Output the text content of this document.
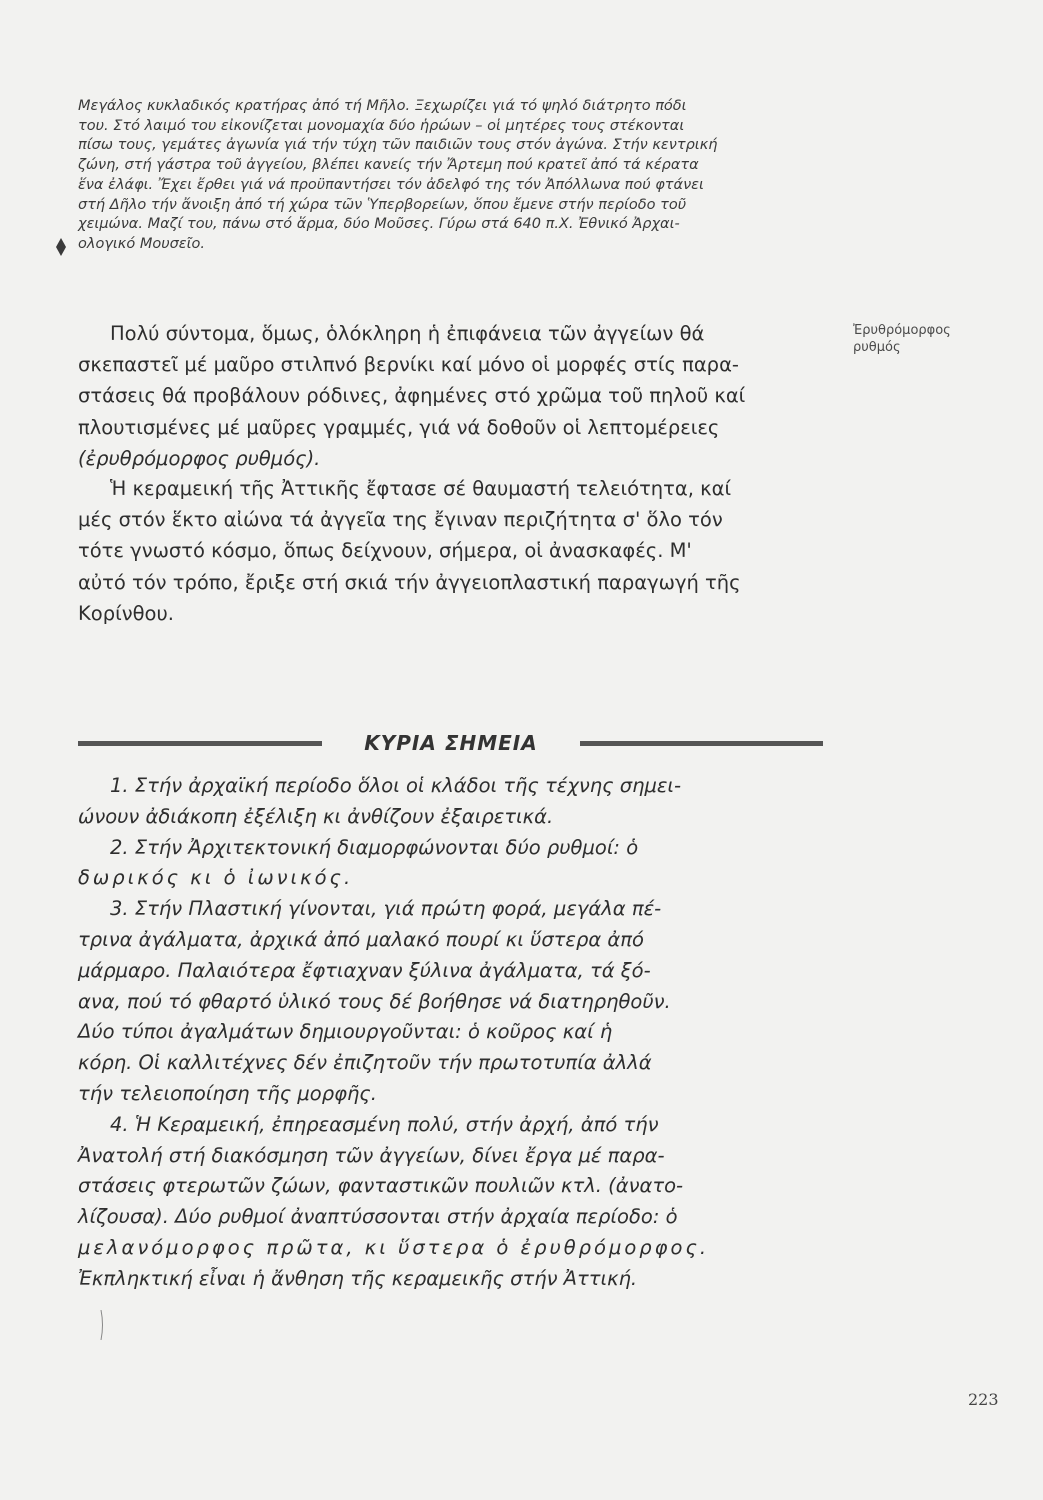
Μεγάλος κυκλαδικός κρατήρας ἀπό τή Μῆλο. Ξεχωρίζει γιά τό ψηλό διάτρητο πόδι
του. Στό λαιμό του εἰκονίζεται μονομαχία δύο ἡρώων – οἱ μητέρες τους στέκονται
πίσω τους, γεμάτες ἀγωνία γιά τήν τύχη τῶν παιδιῶν τους στόν ἀγώνα. Στήν κεντρική
ζώνη, στή γάστρα τοῦ ἀγγείου, βλέπει κανείς τήν Ἄρτεμη πού κρατεῖ ἀπό τά κέρατα
ἕνα ἐλάφι. Ἔχει ἔρθει γιά νά προϋπαντήσει τόν ἀδελφό της τόν Ἀπόλλωνα πού φτάνει
στή Δῆλο τήν ἄνοιξη ἀπό τή χώρα τῶν Ὑπερβορείων, ὅπου ἔμενε στήν περίοδο τοῦ
χειμώνα. Μαζί του, πάνω στό ἅρμα, δύο Μοῦσες. Γύρω στά 640 π.Χ. Ἐθνικό Ἀρχαι-
ολογικό Μουσεῖο.

Ἐρυθρόμορφος
ρυθμός

Πολύ σύντομα, ὅμως, ὁλόκληρη ἡ ἐπιφάνεια τῶν ἀγγείων θά
σκεπαστεῖ μέ μαῦρο στιλπνό βερνίκι καί μόνο οἱ μορφές στίς παρα-
στάσεις θά προβάλουν ρόδινες, ἀφημένες στό χρῶμα τοῦ πηλοῦ καί
πλουτισμένες μέ μαῦρες γραμμές, γιά νά δοθοῦν οἱ λεπτομέρειες
(ἐρυθρόμορφος ρυθμός).

Ἡ κεραμεική τῆς Ἀττικῆς ἔφτασε σέ θαυμαστή τελειότητα, καί
μές στόν ἕκτο αἰώνα τά ἀγγεῖα της ἔγιναν περιζήτητα σ' ὅλο τόν
τότε γνωστό κόσμο, ὅπως δείχνουν, σήμερα, οἱ ἀνασκαφές. Μ'
αὐτό τόν τρόπο, ἔριξε στή σκιά τήν ἀγγειοπλαστική παραγωγή τῆς
Κορίνθου.

ΚΥΡΙΑ ΣΗΜΕΙΑ

1. Στήν ἀρχαϊκή περίοδο ὅλοι οἱ κλάδοι τῆς τέχνης σημει-
ώνουν ἀδιάκοπη ἐξέλιξη κι ἀνθίζουν ἐξαιρετικά.
2. Στήν Ἀρχιτεκτονική διαμορφώνονται δύο ρυθμοί: ὁ
δωρικός κι ὁ ἰωνικός.
3. Στήν Πλαστική γίνονται, γιά πρώτη φορά, μεγάλα πέ-
τρινα ἀγάλματα, ἀρχικά ἀπό μαλακό πουρί κι ὕστερα ἀπό
μάρμαρο. Παλαιότερα ἔφτιαχναν ξύλινα ἀγάλματα, τά ξό-
ανα, πού τό φθαρτό ὑλικό τους δέ βοήθησε νά διατηρηθοῦν.
Δύο τύποι ἀγαλμάτων δημιουργοῦνται: ὁ κοῦρος καί ἡ
κόρη. Οἱ καλλιτέχνες δέν ἐπιζητοῦν τήν πρωτοτυπία ἀλλά
τήν τελειοποίηση τῆς μορφῆς.
4. Ἡ Κεραμεική, ἐπηρεασμένη πολύ, στήν ἀρχή, ἀπό τήν
Ἀνατολή στή διακόσμηση τῶν ἀγγείων, δίνει ἔργα μέ παρα-
στάσεις φτερωτῶν ζώων, φανταστικῶν πουλιῶν κτλ. (ἀνατο-
λίζουσα). Δύο ρυθμοί ἀναπτύσσονται στήν ἀρχαία περίοδο: ὁ
μελανόμορφος πρῶτα, κι ὕστερα ὁ ἐρυθρόμορφος.
Ἐκπληκτική εἶναι ἡ ἄνθηση τῆς κεραμεικῆς στήν Ἀττική.

223
